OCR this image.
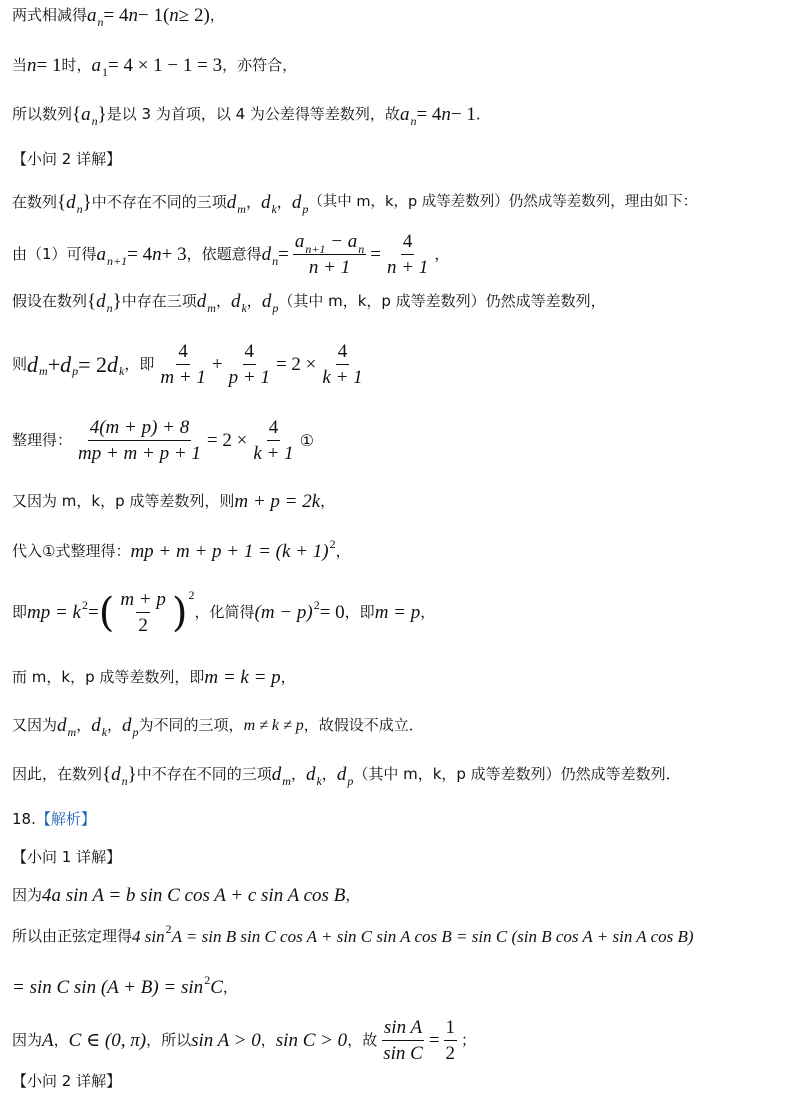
两式相减得 a n = 4 n − 1 ( n ≥ 2) ，
当 n = 1 时， a 1 = 4 × 1 − 1 = 3 ，亦符合，
所以数列 { a n } 是以 3 为首项，以 4 为公差得等差数列，故 a n = 4 n − 1 ．
【小问 2 详解】
在数列 { d n } 中不存在不同的三项 d m ， d k ， d p （其中 m，k，p 成等差数列）仍然成等差数列，理由如下：
由（1）可得 a n+1 = 4 n + 3 ，依题意得 d $n = \frac{a_{n+1} - a_n}{n + 1} = \frac{4}{n + 1}$ ，
假设在数列 { d n } 中存在三项 d m ， d k ， d p （其中 m，k，p 成等差数列）仍然成等差数列，
则 d m + d p = 2 d k ，即 $\frac{4}{m + 1} + \frac{4}{p + 1} = 2 \times \frac{4}{k + 1}$
整理得： $\frac{4(m + p) + 8}{mp + m + p + 1} = 2 \times \frac{4}{k + 1}$ ①
又因为 m，k，p 成等差数列，则 m + p = 2k ，
代入①式整理得： mp + m + p + 1 = (k + 1) 2 ，
即 mp = k 2 = ( $\frac{m + p}{2}$ ) 2
，化简得 (m − p) 2 = 0 ，即 m = p ，
而 m，k，p 成等差数列，即 m = k = p ，
又因为 d m ， d k ， d p 为不同的三项， m ≠ k ≠ p ，故假设不成立．
因此，在数列 { d n } 中不存在不同的三项 d m ， d k ， d p （其中 m，k，p 成等差数列）仍然成等差数列．
18. 【解析】
【小问 1 详解】
因为 4a sin A = b sin C cos A + c sin A cos B ，
所以由正弦定理得 4 sin 2 A = sin B sin C cos A + sin C sin A cos B = sin C (sin B cos A + sin A cos B)
= sin C sin (A + B) = sin 2 C ，
因为 A ， C ∈ (0, π) ，所以 sin A > 0 ， sin C > 0 ，故 $\frac{\text{sin A}}{\text{sin C}} = \frac{1}{2}$ ；
【小问 2 详解】
